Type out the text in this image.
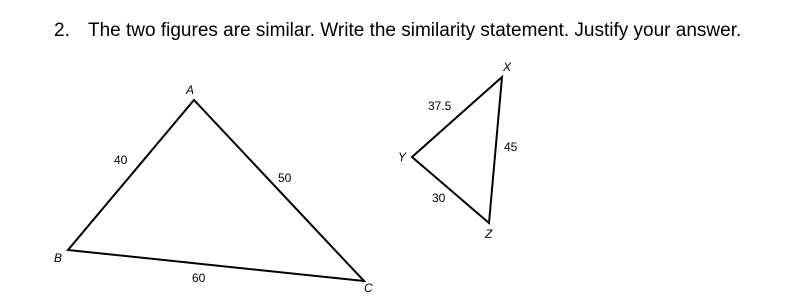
2. The two figures are similar. Write the similarity statement. Justify your answer.
A
B
C
40
50
60
X
Y
Z
37.5
45
30
